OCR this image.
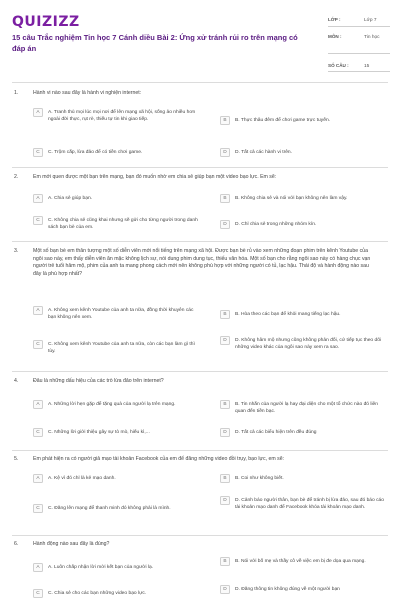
QUIZIZZ
15 câu Trắc nghiệm Tin học 7 Cánh diều Bài 2: Ứng xử tránh rủi ro trên mạng có đáp án
LỚP :	Lớp 7
MÔN :	Tin học
SỐ CÂU :	15
1.	Hành vi nào sau đây là hành vi nghiện internet:
A	A. Tranh thủ mọi lúc mọi nơi để lên mạng xã hội, sống ảo nhiều hơn ngoài đời thực, rụt rè, thiếu tự tin khi giao tiếp.	B	B. Thực thâu đêm để chơi game trực tuyến.
C	C. Trộm cắp, lừa đảo để có tiền chơi game.	D	D. Tất cả các hành vi trên.
2.	Em mới quen được một bạn trên mạng, bạn đó muốn nhờ em chia sẻ giúp bạn một video bạo lực. Em sẽ:
A	A. Chia sẻ giúp bạn.	B	B. Không chia sẻ và nói với bạn không nên làm vậy.
C	C. Không chia sẻ cũng khai nhưng sẽ gửi cho từng người trong danh sách bạn bè của em.
D	D. Chỉ chia sẻ trong những nhóm kín.
3.	Một số bạn bè em thân tượng một số diễn viên mới nổi tiếng trên mạng xã hội. Được bạn bè rủ vào xem những đoạn phim trên kênh Youtube của ngôi sao này, em thấy diễn viên ăn mặc không lịch sự, nói dung phim dung tục, thiếu văn hóa. Một số bạn cho rằng ngôi sao này có hàng chục vạn người trẻ tuổi hâm mộ, phim của anh ta mang phong cách mới nên không phù hợp với những người có tủ, lạc hậu. Thái độ và hành động nào sau đây là phù hợp nhất?
A	A. Không xem kênh Youtube của anh ta nữa, đồng thời khuyên các bạn không nên xem.
B	B. Hòa theo các bạn để khỏi mang tiếng lạc hậu.
C	C. Không xem kênh Youtube của anh ta nữa, còn các bạn làm gì thì tùy.
D	D. Không hâm mộ nhưng cũng không phản đối, cứ tiếp tục theo dõi những video khác của ngôi sao này xem ra sao.
4.	Đâu là những dấu hiệu của các trò lừa đảo trên internet?
A	A. Những lời hẹn gặp để tặng quà của người lạ trên mạng.	B	B. Tin nhắn của người lạ hay đại diện cho một tổ chức nào đó liên quan đến tiền bạc.
C	C. Những lời giới thiệu gây sự tò mò, hiếu kì,...	D	D. Tất cả các biểu hiện trên đều đúng
5.	Em phát hiện ra có người giả mạo tài khoản Facebook của em để đăng những video đồi trụy, bạo lực, em sẽ:
A	A. Kệ vì đó chỉ là kẻ mạo danh.	B	B. Coi như không biết.
C	C. Đăng lên mạng để thanh minh đó không phải là mình.
D	D. Cảnh báo người thân, bạn bè để tránh bị lừa đảo, sau đó báo cáo tài khoản mạo danh để Facebook khóa tài khoản mạo danh.
6.	Hành động nào sau đây là đúng?
A	A. Luôn chấp nhận lời mời kết bạn của người lạ.
B	B. Nói với bố mẹ và thầy cô về việc em bị đe dọa qua mạng.
C	C. Chia sẻ cho các bạn những video bạo lực.
D	D. Đăng thông tin không đúng về một người bạn
